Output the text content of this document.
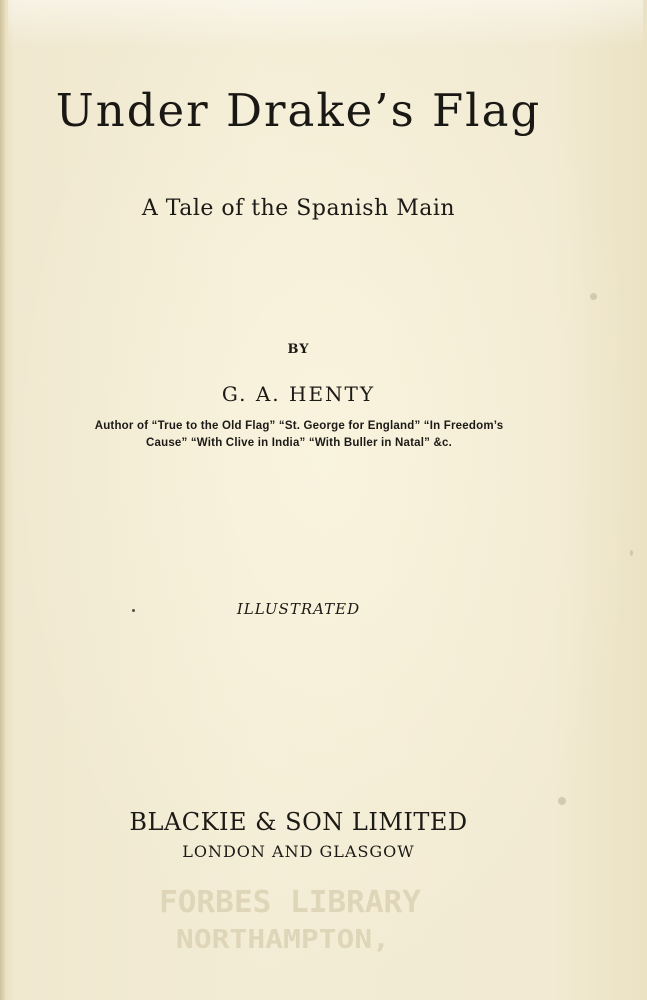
Under Drake’s Flag
A Tale of the Spanish Main
BY
G. A. HENTY
Author of “True to the Old Flag” “St. George for England” “In Freedom’s
Cause” “With Clive in India” “With Buller in Natal” &c.
ILLUSTRATED
BLACKIE & SON LIMITED
LONDON AND GLASGOW
FORBES LIBRARY
NORTHAMPTON,
